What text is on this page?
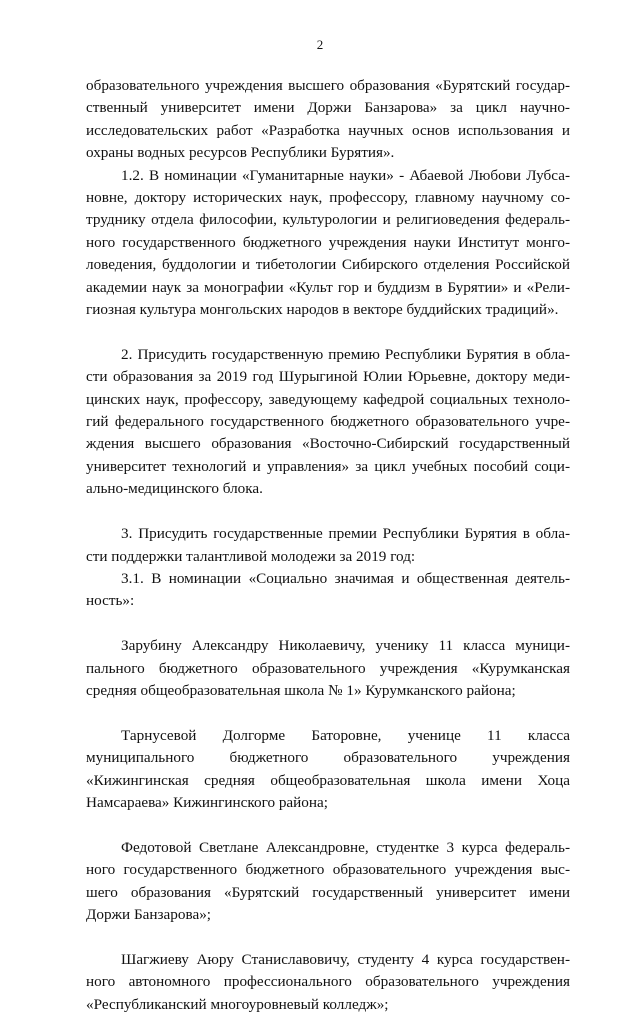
2

образовательного учреждения высшего образования «Бурятский государственный университет имени Доржи Банзарова» за цикл научно-исследовательских работ «Разработка научных основ использования и охраны водных ресурсов Республики Бурятия».

1.2. В номинации «Гуманитарные науки» - Абаевой Любови Лубсановне, доктору исторических наук, профессору, главному научному сотруднику отдела философии, культурологии и религиоведения федерального государственного бюджетного учреждения науки Институт монголоведения, буддологии и тибетологии Сибирского отделения Российской академии наук за монографии «Культ гор и буддизм в Бурятии» и «Религиозная культура монгольских народов в векторе буддийских традиций».

2. Присудить государственную премию Республики Бурятия в области образования за 2019 год Шурыгиной Юлии Юрьевне, доктору медицинских наук, профессору, заведующему кафедрой социальных технологий федерального государственного бюджетного образовательного учреждения высшего образования «Восточно-Сибирский государственный университет технологий и управления» за цикл учебных пособий социально-медицинского блока.

3. Присудить государственные премии Республики Бурятия в области поддержки талантливой молодежи за 2019 год:

3.1. В номинации «Социально значимая и общественная деятельность»:

Зарубину Александру Николаевичу, ученику 11 класса муниципального бюджетного образовательного учреждения «Курумканская средняя общеобразовательная школа № 1» Курумканского района;

Тарнусевой Долгорме Баторовне, ученице 11 класса муниципального бюджетного образовательного учреждения «Кижингинская средняя общеобразовательная школа имени Хоца Намсараева» Кижингинского района;

Федотовой Светлане Александровне, студентке 3 курса федерального государственного бюджетного образовательного учреждения высшего образования «Бурятский государственный университет имени Доржи Банзарова»;

Шагжиеву Аюру Станиславовичу, студенту 4 курса государственного автономного профессионального образовательного учреждения «Республиканский многоуровневый колледж»;
